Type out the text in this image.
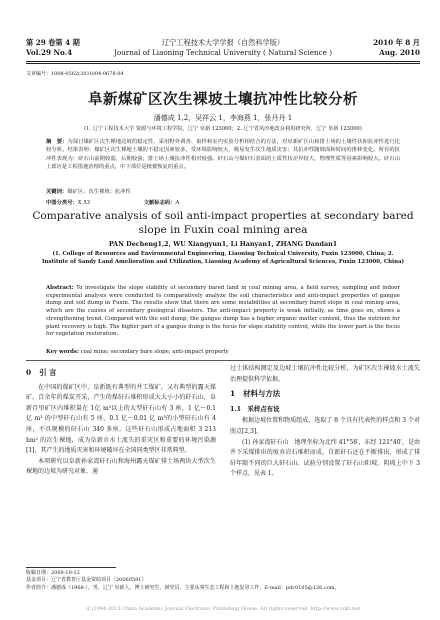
第 29 卷第 4 期
Vol.29 No.4
辽宁工程技术大学学报（自然科学版）
Journal of Liaoning Technical University ( Natural Science )
2010 年 8 月
Aug. 2010
文章编号：1008-0562(2010)04-0678-04
阜新煤矿区次生裸坡土壤抗冲性比较分析
潘德成 1,2，吴祥云 1，李海燕 1，张丹丹 1
(1. 辽宁工程技术大学 资源与环境工程学院，辽宁 阜新 123000；2. 辽宁省风沙地改良利用研究所，辽宁 阜新 123000)
摘　要：为探讨煤矿区次生裸地边坡的稳定性，采用野外调查、取样和室内实验分析相结合的方法，对阜新矿区山和排土场的土壤性状和抗冲性进行比较分析。结果表明：煤矿区次生裸地土壤的不稳定因素较多，受环境影响较大，极易发生次生地质灾害；其抗冲性随坡面和时间的推移变化。所有的抗冲性表现为：矸石山前期较弱，后期较强；排土场土壤抗冲性相对较强。矸石山与煤矸石表面的土质性状差异较大，物理性质等因素影响较大。矸石山上部应是工程措施治理的重点，中下部位是植被恢复的重点。
关键词：煤矿区；次生裸坡；抗冲性
中图分类号：X 53	文献标志码：A
Comparative analysis of soil anti-impact properties at secondary bared slope in Fuxin coal mining area
PAN Decheng1,2, WU Xiangyun1, Li Hanyan1, ZHANG Dandan1
(1. College of Resources and Environmental Engineering, Liaoning Technical University, Fuxin 123000, China; 2. Institute of Sandy Land Amelioration and Utilization, Liaoning Academy of Agricultural Sciences, Fuxin 123000, China)
Abstract: To investigate the slope stability of secondary bared land in coal mining area, a field survey, sampling and indoor experimental analysis were conducted to comparatively analyze the soil characteristics and anti-impact properties of gangue dump and soil dump in Fuxin. The results show that there are some instabilities at secondary bared slope in coal mining area, which are the causes of secondary geological disasters. The anti-impact property is weak initially, as time goes on, shows a strengthening trend. Compared with the soil dump, the gangue dump has a higher organic matter content, thus the nutrient for plant recovery is high. The higher part of a gangue dump is the focus for slope stability control, while the lower part is the focus for vegetation restoration.
Key words: coal mine; secondary bare slope; anti-impact property
0 引 言

在中国的煤矿区中，阜新既有典型的井工煤矿，又有典型的露天煤矿。百余年的煤炭开采，产生的煤矸石堆积形成大大小小的矸石山，阜新百里矿区内堆积量在 1亿 m³以上的大型矸石山有 3 座，1 亿～0.1 亿 m³ 的中型矸石山有 5 座，0.1 亿～0.01 亿 m³的小型矸石山有 4 座，不具规模的矸石山 340 多座。这些矸石山形成占地面积 3 213 hm² 的次生裸地，成为阜新市水土流失的重灾区和重要的环境污染源[1]，其产生的地质灾害和环境破坏在全国同类型区非常典型。

本项研究以阜新孙家湾矸石山和海州露天煤矿排土场两块大型次生裸地的边坡为研究对象，通

过土体结构测定及边坡土壤抗冲性比较分析，为矿区次生裸坡水土流失治理提供科学依据。

1 材料与方法
1.1　采样点布设

根据边坡位置和物质组成，选取了 8 个具有代表性的样点和 3 个对照点[2,3]。

(1) 孙家湾矸石山　地理坐标为北纬 41°58′，东经 121°40′，是由井下采煤排出的废弃岩石堆积而成，自新矸石还在不断排出，形成了排矸年限不同的巨大矸石山。试验分别设置了矸石山阳坡、阴坡上中下 3 个样点，见表 1。

收稿日期：2009-10-12
基金项目：辽宁省教育厅基金资助项目（20060591）
作者简介：潘德成（1968-），男，辽宁 阜新人，博士研究生，研究员，主要从事生态工程和土地复垦工作，E-mail：pdc0165@126.com。
(C)1994-2015 China Academic Journal Electronic Publishing House. All rights reserved. http://www.cnki.net
